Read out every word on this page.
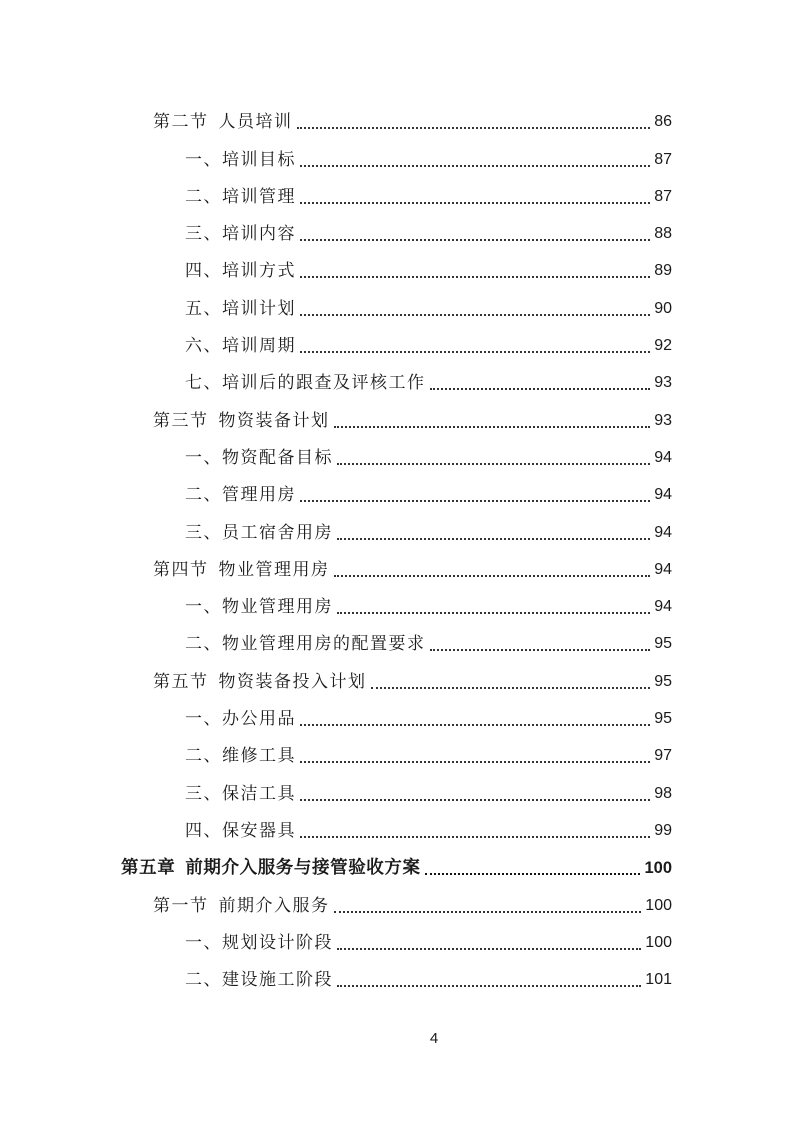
第二节 人员培训	86
一、培训目标	87
二、培训管理	87
三、培训内容	88
四、培训方式	89
五、培训计划	90
六、培训周期	92
七、培训后的跟查及评核工作	93
第三节 物资装备计划	93
一、物资配备目标	94
二、管理用房	94
三、员工宿舍用房	94
第四节 物业管理用房	94
一、物业管理用房	94
二、物业管理用房的配置要求	95
第五节 物资装备投入计划	95
一、办公用品	95
二、维修工具	97
三、保洁工具	98
四、保安器具	99
第五章 前期介入服务与接管验收方案	100
第一节 前期介入服务	100
一、规划设计阶段	100
二、建设施工阶段	101
4
